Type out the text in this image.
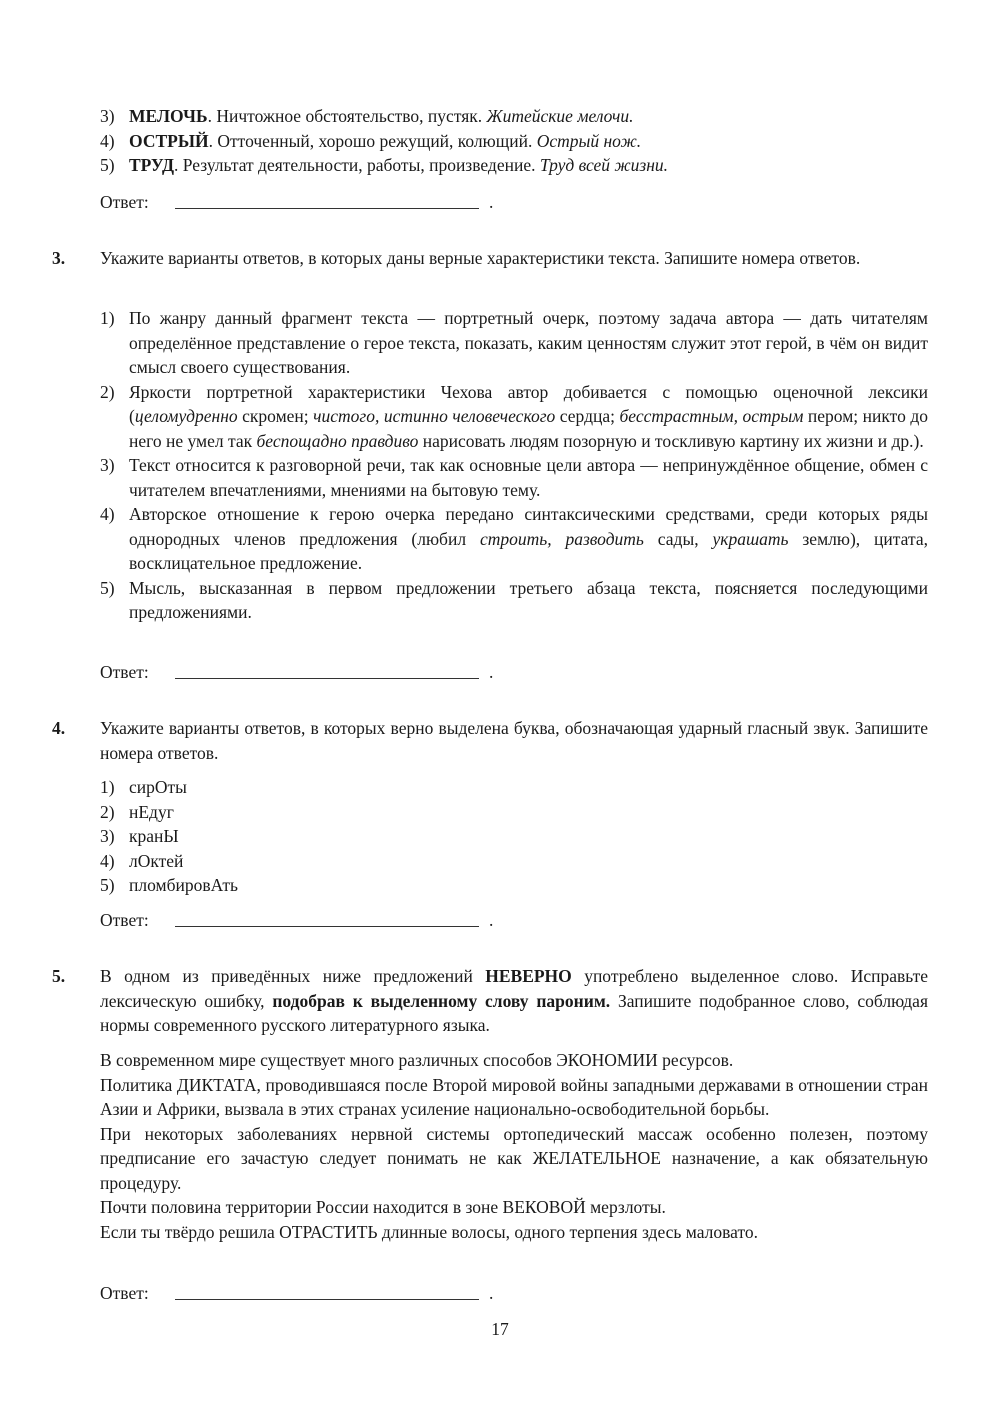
3) МЕЛОЧЬ. Ничтожное обстоятельство, пустяк. Житейские мелочи.

4) ОСТРЫЙ. Отточенный, хорошо режущий, колющий. Острый нож.

5) ТРУД. Результат деятельности, работы, произведение. Труд всей жизни.

Ответ:	.
3. Укажите варианты ответов, в которых даны верные характеристики текста. Запишите номера ответов.

1) По жанру данный фрагмент текста — портретный очерк, поэтому задача автора — дать читателям определённое представление о герое текста, показать, каким ценностям служит этот герой, в чём он видит смысл своего существования.

2) Яркости портретной характеристики Чехова автор добивается с помощью оценочной лексики (целомудренно скромен; чистого, истинно человеческого сердца; бесстрастным, острым пером; никто до него не умел так беспощадно правдиво нарисовать людям позорную и тоскливую картину их жизни и др.).

3) Текст относится к разговорной речи, так как основные цели автора — непринуждённое общение, обмен с читателем впечатлениями, мнениями на бытовую тему.

4) Авторское отношение к герою очерка передано синтаксическими средствами, среди которых ряды однородных членов предложения (любил строить, разводить сады, украшать землю), цитата, восклицательное предложение.

5) Мысль, высказанная в первом предложении третьего абзаца текста, поясняется последующими предложениями.

Ответ:	.
4. Укажите варианты ответов, в которых верно выделена буква, обозначающая ударный гласный звук. Запишите номера ответов.

1) сирОты

2) нЕдуг

3) кранЫ

4) лОктей

5) пломбировАть

Ответ:	.
5. В одном из приведённых ниже предложений НЕВЕРНО употреблено выделенное слово. Исправьте лексическую ошибку, подобрав к выделенному слову пароним. Запишите подобранное слово, соблюдая нормы современного русского литературного языка.

В современном мире существует много различных способов ЭКОНОМИИ ресурсов.

Политика ДИКТАТА, проводившаяся после Второй мировой войны западными державами в отношении стран Азии и Африки, вызвала в этих странах усиление национально-освободительной борьбы.

При некоторых заболеваниях нервной системы ортопедический массаж особенно полезен, поэтому предписание его зачастую следует понимать не как ЖЕЛАТЕЛЬНОЕ назначение, а как обязательную процедуру.

Почти половина территории России находится в зоне ВЕКОВОЙ мерзлоты.

Если ты твёрдо решила ОТРАСТИТЬ длинные волосы, одного терпения здесь маловато.

Ответ:	.
17
